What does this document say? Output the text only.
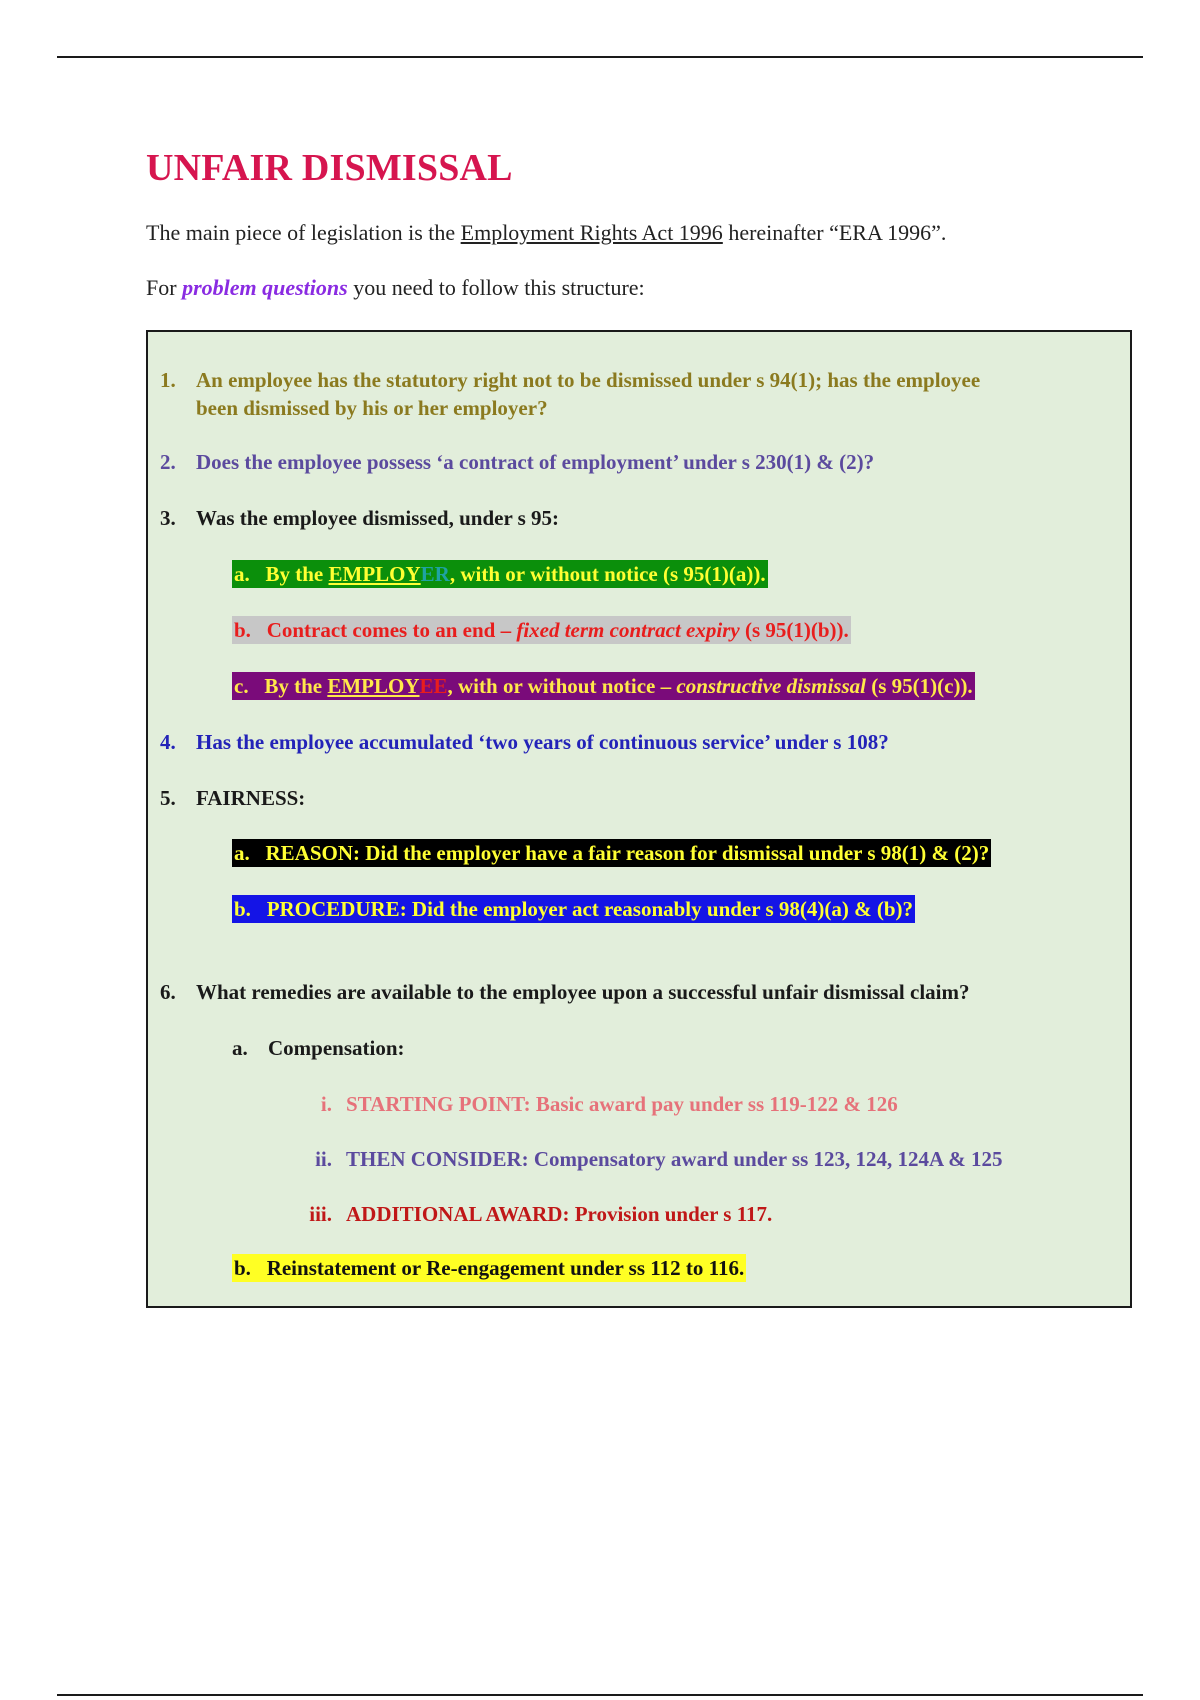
UNFAIR DISMISSAL
The main piece of legislation is the Employment Rights Act 1996 hereinafter “ERA 1996”.
For problem questions you need to follow this structure:
1. An employee has the statutory right not to be dismissed under s 94(1); has the employee
been dismissed by his or her employer?
2. Does the employee possess ‘a contract of employment’ under s 230(1) & (2)?
3. Was the employee dismissed, under s 95:
a. By the EMPLOYER, with or without notice (s 95(1)(a)).
b. Contract comes to an end – fixed term contract expiry (s 95(1)(b)).
c. By the EMPLOYEE, with or without notice – constructive dismissal (s 95(1)(c)).
4. Has the employee accumulated ‘two years of continuous service’ under s 108?
5. FAIRNESS:
a. REASON: Did the employer have a fair reason for dismissal under s 98(1) & (2)?
b. PROCEDURE: Did the employer act reasonably under s 98(4)(a) & (b)?
6. What remedies are available to the employee upon a successful unfair dismissal claim?
a. Compensation:
i. STARTING POINT: Basic award pay under ss 119-122 & 126
ii. THEN CONSIDER: Compensatory award under ss 123, 124, 124A & 125
iii. ADDITIONAL AWARD: Provision under s 117.
b. Reinstatement or Re-engagement under ss 112 to 116.
